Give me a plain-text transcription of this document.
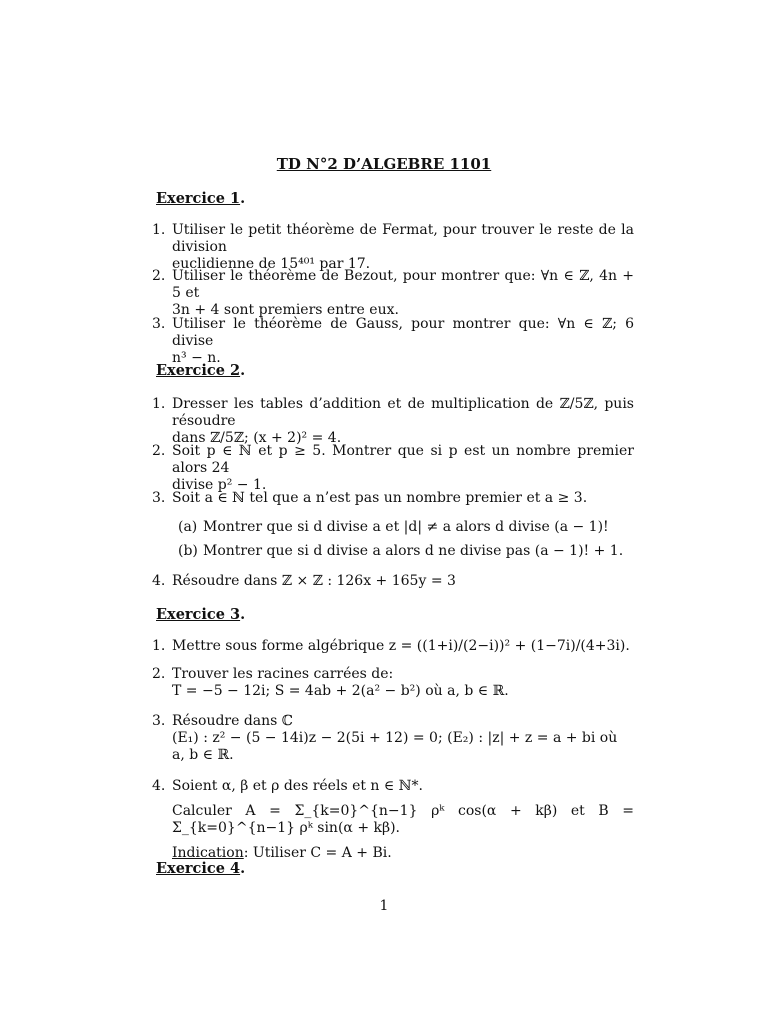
TD N°2 D’ALGEBRE 1101
Exercice 1.
1. Utiliser le petit théorème de Fermat, pour trouver le reste de la division
euclidienne de 15⁴⁰¹ par 17.
2. Utiliser le théorème de Bezout, pour montrer que: ∀n ∈ ℤ, 4n + 5 et
3n + 4 sont premiers entre eux.
3. Utiliser le théorème de Gauss, pour montrer que: ∀n ∈ ℤ; 6 divise
n³ − n.
Exercice 2.
1. Dresser les tables d’addition et de multiplication de ℤ/5ℤ, puis résoudre
dans ℤ/5ℤ; (x + 2̇)² = 4̇.
2. Soit p ∈ ℕ et p ≥ 5. Montrer que si p est un nombre premier alors 24
divise p² − 1.
3. Soit a ∈ ℕ tel que a n’est pas un nombre premier et a ≥ 3.
(a) Montrer que si d divise a et |d| ≠ a alors d divise (a − 1)!
(b) Montrer que si d divise a alors d ne divise pas (a − 1)! + 1.
4. Résoudre dans ℤ × ℤ : 126x + 165y = 3
Exercice 3.
1. Mettre sous forme algébrique z = ((1+i)/(2−i))² + (1−7i)/(4+3i).
2. Trouver les racines carrées de:
T = −5 − 12i; S = 4ab + 2(a² − b²) où a, b ∈ ℝ.
3. Résoudre dans ℂ
(E₁) : z² − (5 − 14i)z − 2(5i + 12) = 0; (E₂) : |z| + z = a + bi où
a, b ∈ ℝ.
4. Soient α, β et ρ des réels et n ∈ ℕ*.
Calculer A = Σ_{k=0}^{n−1} ρᵏ cos(α + kβ) et B = Σ_{k=0}^{n−1} ρᵏ sin(α + kβ).
Indication: Utiliser C = A + Bi.
Exercice 4.
1
